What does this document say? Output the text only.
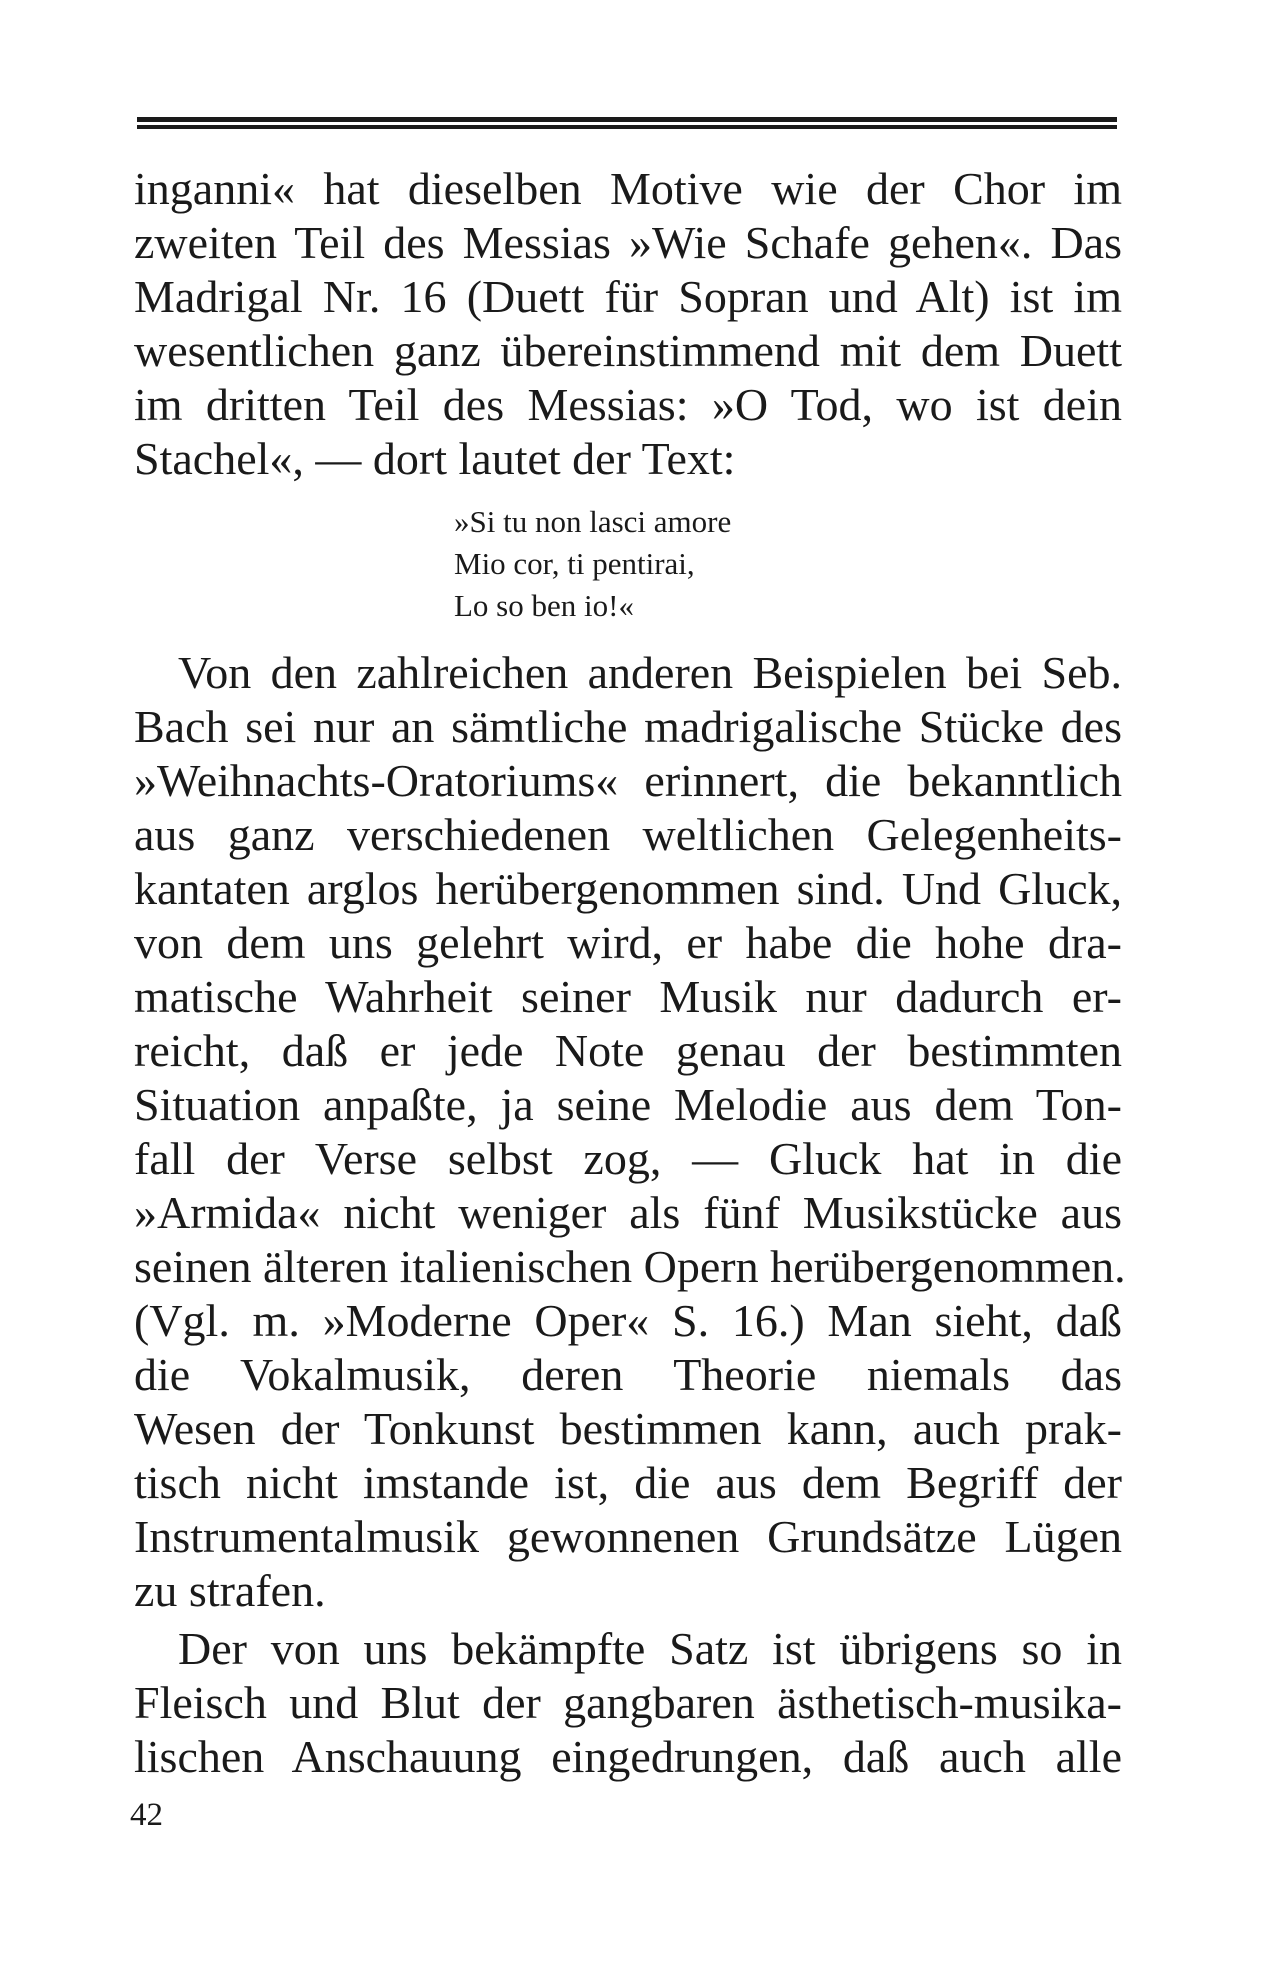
inganni« hat dieselben Motive wie der Chor im
zweiten Teil des Messias »Wie Schafe gehen«. Das
Madrigal Nr. 16 (Duett für Sopran und Alt) ist im
wesentlichen ganz übereinstimmend mit dem Duett
im dritten Teil des Messias: »O Tod, wo ist dein
Stachel«, — dort lautet der Text:
»Si tu non lasci amore
Mio cor, ti pentirai,
Lo so ben io!«
Von den zahlreichen anderen Beispielen bei Seb.
Bach sei nur an sämtliche madrigalische Stücke des
»Weihnachts-Oratoriums« erinnert, die bekanntlich
aus ganz verschiedenen weltlichen Gelegenheits-
kantaten arglos herübergenommen sind. Und Gluck,
von dem uns gelehrt wird, er habe die hohe dra-
matische Wahrheit seiner Musik nur dadurch er-
reicht, daß er jede Note genau der bestimmten
Situation anpaßte, ja seine Melodie aus dem Ton-
fall der Verse selbst zog, — Gluck hat in die
»Armida« nicht weniger als fünf Musikstücke aus
seinen älteren italienischen Opern herübergenommen.
(Vgl. m. »Moderne Oper« S. 16.) Man sieht, daß
die Vokalmusik, deren Theorie niemals das
Wesen der Tonkunst bestimmen kann, auch prak-
tisch nicht imstande ist, die aus dem Begriff der
Instrumentalmusik gewonnenen Grundsätze Lügen
zu strafen.
Der von uns bekämpfte Satz ist übrigens so in
Fleisch und Blut der gangbaren ästhetisch-musika-
lischen Anschauung eingedrungen, daß auch alle
42
